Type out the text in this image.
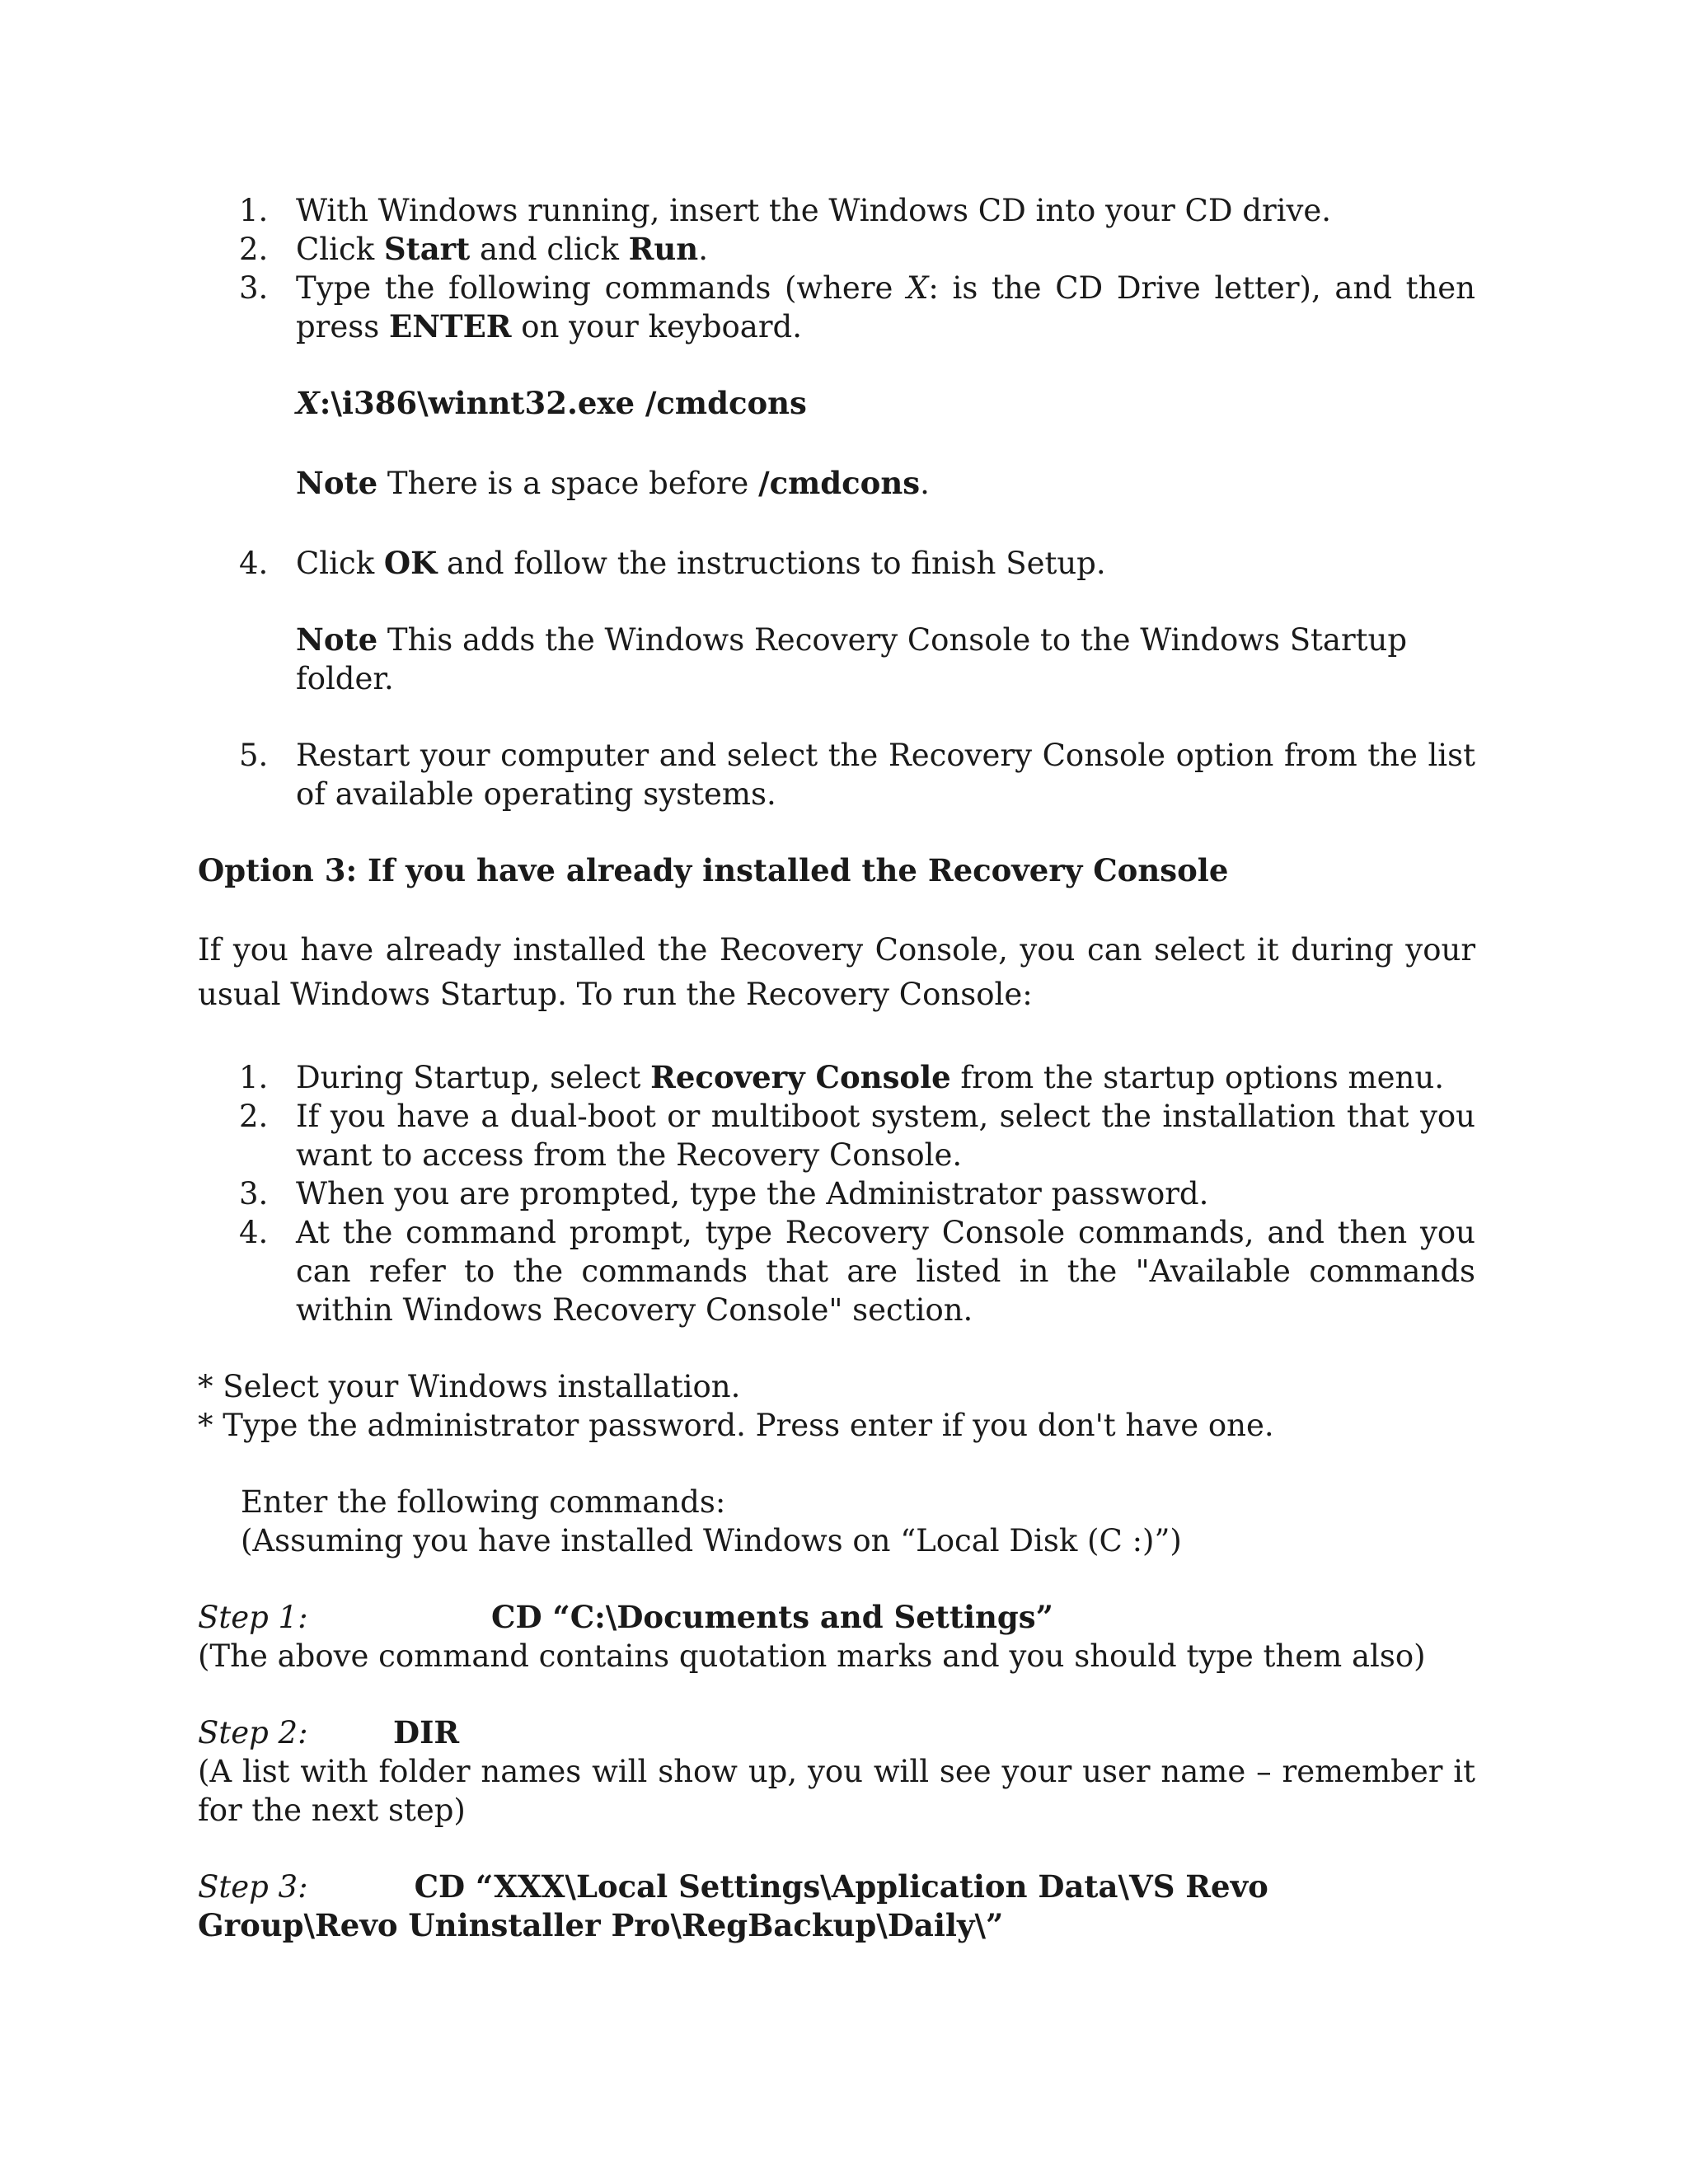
1. With Windows running, insert the Windows CD into your CD drive.
2. Click Start and click Run.
3. Type the following commands (where X: is the CD Drive letter), and then press ENTER on your keyboard.
X:\i386\winnt32.exe /cmdcons
Note There is a space before /cmdcons.
4. Click OK and follow the instructions to finish Setup.
Note This adds the Windows Recovery Console to the Windows Startup folder.
5. Restart your computer and select the Recovery Console option from the list of available operating systems.
Option 3: If you have already installed the Recovery Console
If you have already installed the Recovery Console, you can select it during your usual Windows Startup. To run the Recovery Console:
1. During Startup, select Recovery Console from the startup options menu.
2. If you have a dual-boot or multiboot system, select the installation that you want to access from the Recovery Console.
3. When you are prompted, type the Administrator password.
4. At the command prompt, type Recovery Console commands, and then you can refer to the commands that are listed in the "Available commands within Windows Recovery Console" section.
* Select your Windows installation.
* Type the administrator password. Press enter if you don't have one.
Enter the following commands:
(Assuming you have installed Windows on “Local Disk (C :)”)
Step 1:	CD “C:\Documents and Settings”
(The above command contains quotation marks and you should type them also)
Step 2:	DIR
(A list with folder names will show up, you will see your user name – remember it for the next step)
Step 3:	CD “XXX\Local Settings\Application Data\VS Revo Group\Revo Uninstaller Pro\RegBackup\Daily\”
